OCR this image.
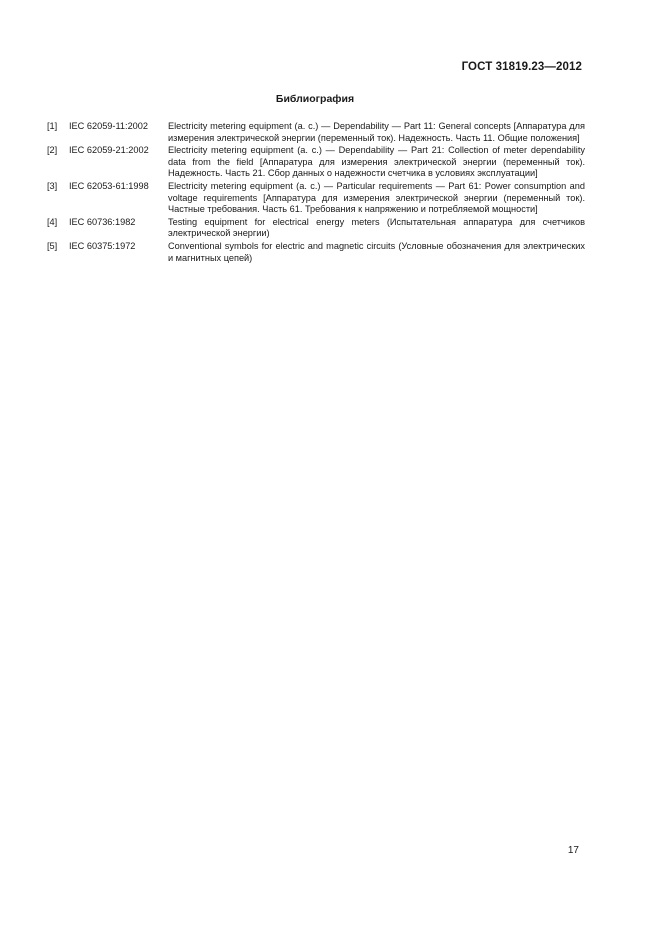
ГОСТ 31819.23—2012
Библиография
[1]	IEC 62059-11:2002	Electricity metering equipment (a. c.) — Dependability — Part 11: General concepts [Аппаратура для измерения электрической энергии (переменный ток). Надежность. Часть 11. Общие положения]
[2]	IEC 62059-21:2002	Electricity metering equipment (a. c.) — Dependability — Part 21: Collection of meter dependability data from the field [Аппаратура для измерения электрической энергии (переменный ток). Надежность. Часть 21. Сбор данных о надежности счетчика в условиях эксплуатации]
[3]	IEC 62053-61:1998	Electricity metering equipment (a. c.) — Particular requirements — Part 61: Power consumption and voltage requirements [Аппаратура для измерения электрической энергии (переменный ток). Частные требования. Часть 61. Требования к напряжению и потребляемой мощности]
[4]	IEC 60736:1982	Testing equipment for electrical energy meters (Испытательная аппаратура для счетчиков электрической энергии)
[5]	IEC 60375:1972	Conventional symbols for electric and magnetic circuits (Условные обозначения для электрических и магнитных цепей)
17
